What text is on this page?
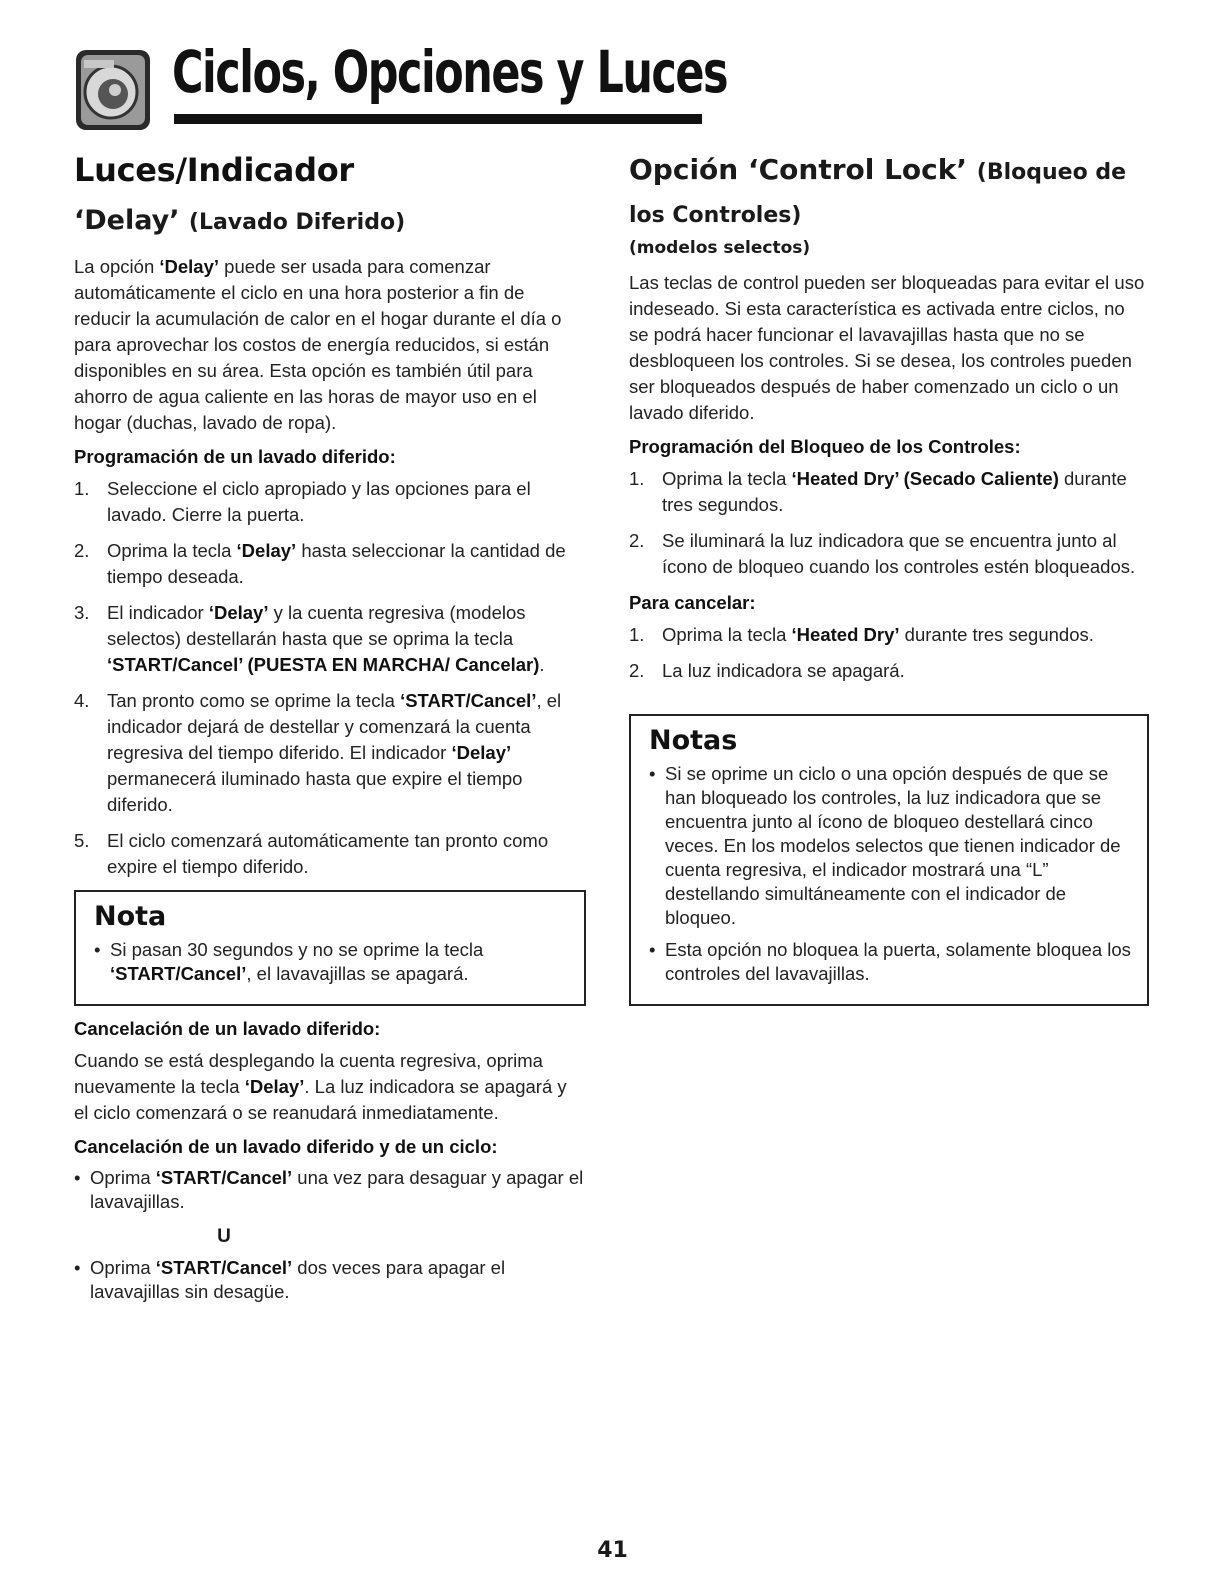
Ciclos, Opciones y Luces
Luces/Indicador
‘Delay’ (Lavado Diferido)

La opción ‘Delay’ puede ser usada para comenzar automáticamente el ciclo en una hora posterior a fin de reducir la acumulación de calor en el hogar durante el día o para aprovechar los costos de energía reducidos, si están disponibles en su área. Esta opción es también útil para ahorro de agua caliente en las horas de mayor uso en el hogar (duchas, lavado de ropa).

Programación de un lavado diferido:
1. Seleccione el ciclo apropiado y las opciones para el lavado. Cierre la puerta.
2. Oprima la tecla ‘Delay’ hasta seleccionar la cantidad de tiempo deseada.
3. El indicador ‘Delay’ y la cuenta regresiva (modelos selectos) destellarán hasta que se oprima la tecla ‘START/Cancel’ (PUESTA EN MARCHA/ Cancelar).
4. Tan pronto como se oprime la tecla ‘START/Cancel’, el indicador dejará de destellar y comenzará la cuenta regresiva del tiempo diferido. El indicador ‘Delay’ permanecerá iluminado hasta que expire el tiempo diferido.
5. El ciclo comenzará automáticamente tan pronto como expire el tiempo diferido.
Nota
• Si pasan 30 segundos y no se oprime la tecla ‘START/Cancel’, el lavavajillas se apagará.
Cancelación de un lavado diferido:

Cuando se está desplegando la cuenta regresiva, oprima nuevamente la tecla ‘Delay’. La luz indicadora se apagará y el ciclo comenzará o se reanudará inmediatamente.

Cancelación de un lavado diferido y de un ciclo:
• Oprima ‘START/Cancel’ una vez para desaguar y apagar el lavavajillas.
U
• Oprima ‘START/Cancel’ dos veces para apagar el lavavajillas sin desagüe.
Opción ‘Control Lock’ (Bloqueo de los Controles)
(modelos selectos)

Las teclas de control pueden ser bloqueadas para evitar el uso indeseado. Si esta característica es activada entre ciclos, no se podrá hacer funcionar el lavavajillas hasta que no se desbloqueen los controles. Si se desea, los controles pueden ser bloqueados después de haber comenzado un ciclo o un lavado diferido.

Programación del Bloqueo de los Controles:
1. Oprima la tecla ‘Heated Dry’ (Secado Caliente) durante tres segundos.
2. Se iluminará la luz indicadora que se encuentra junto al ícono de bloqueo cuando los controles estén bloqueados.
Para cancelar:
1. Oprima la tecla ‘Heated Dry’ durante tres segundos.
2. La luz indicadora se apagará.
Notas
• Si se oprime un ciclo o una opción después de que se han bloqueado los controles, la luz indicadora que se encuentra junto al ícono de bloqueo destellará cinco veces. En los modelos selectos que tienen indicador de cuenta regresiva, el indicador mostrará una “L” destellando simultáneamente con el indicador de bloqueo.
• Esta opción no bloquea la puerta, solamente bloquea los controles del lavavajillas.
41
